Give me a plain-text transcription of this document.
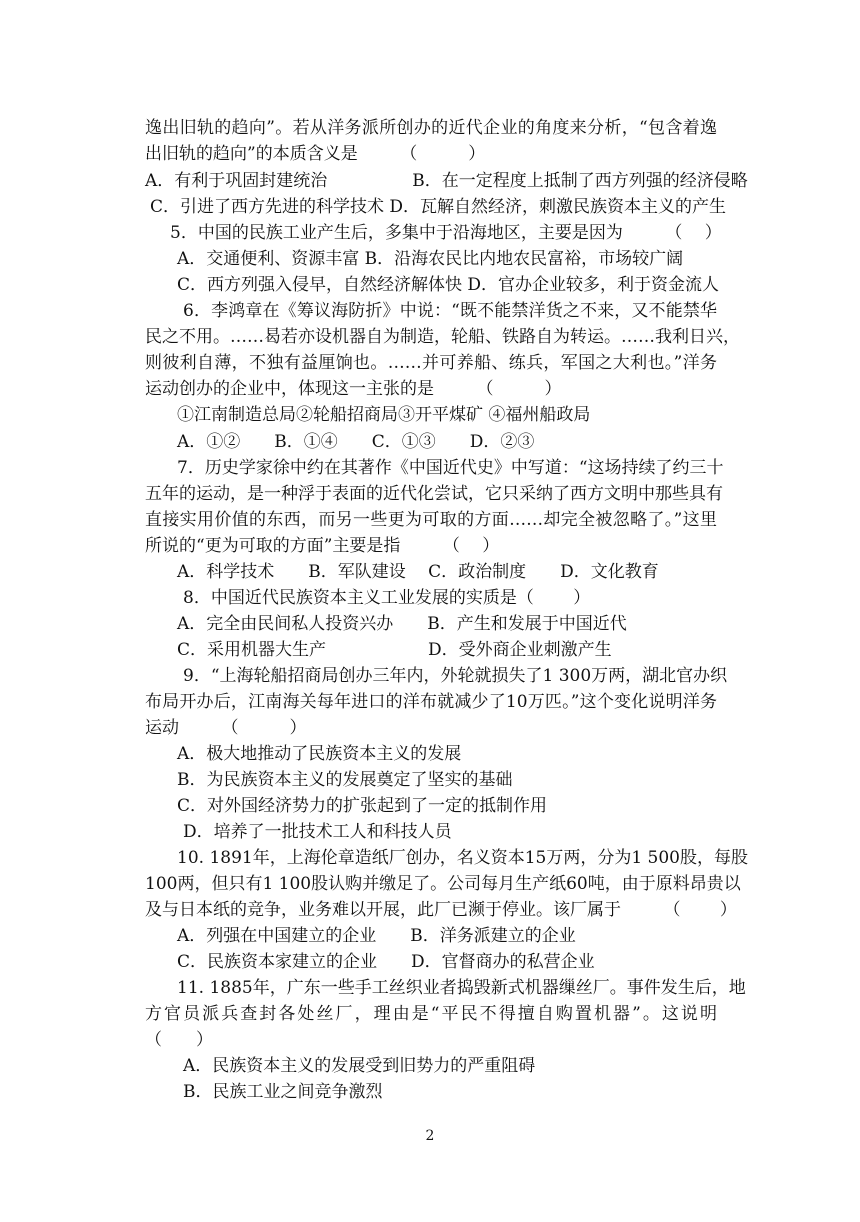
逸出旧轨的趋向”。若从洋务派所创办的近代企业的角度来分析，“包含着逸
出旧轨的趋向”的本质含义是　　　（　　　）
A．有利于巩固封建统治　　　　　B．在一定程度上抵制了西方列强的经济侵略
C．引进了西方先进的科学技术 D．瓦解自然经济，刺激民族资本主义的产生
5．中国的民族工业产生后，多集中于沿海地区，主要是因为　　　（　 ）
A．交通便利、资源丰富 B．沿海农民比内地农民富裕，市场较广阔
C．西方列强入侵早，自然经济解体快 D．官办企业较多，利于资金流人
6．李鸿章在《筹议海防折》中说：“既不能禁洋货之不来，又不能禁华
民之不用。……曷若亦设机器自为制造，轮船、铁路自为转运。……我利日兴，
则彼利自薄，不独有益厘饷也。……并可养船、练兵，军国之大利也。”洋务
运动创办的企业中，体现这一主张的是　　　（　　　）
①江南制造总局②轮船招商局③开平煤矿 ④福州船政局
A．①②　　B．①④　　C．①③　　D．②③
7．历史学家徐中约在其著作《中国近代史》中写道：“这场持续了约三十
五年的运动，是一种浮于表面的近代化尝试，它只采纳了西方文明中那些具有
直接实用价值的东西，而另一些更为可取的方面……却完全被忽略了。”这里
所说的“更为可取的方面”主要是指　　　（　 ）
A．科学技术　　B．军队建设　 C．政治制度　　D．文化教育
8．中国近代民族资本主义工业发展的实质是（　　 ）
A．完全由民间私人投资兴办　　B．产生和发展于中国近代
C．采用机器大生产　　　　　　D．受外商企业刺激产生
9．“上海轮船招商局创办三年内，外轮就损失了1 300万两，湖北官办织
布局开办后，江南海关每年进口的洋布就减少了10万匹。”这个变化说明洋务
运动　　　（　　　）
A．极大地推动了民族资本主义的发展
B．为民族资本主义的发展奠定了坚实的基础
C．对外国经济势力的扩张起到了一定的抵制作用
D．培养了一批技术工人和科技人员
10. 1891年，上海伦章造纸厂创办，名义资本15万两，分为1 500股，每股
100两，但只有1 100股认购并缴足了。公司每月生产纸60吨，由于原料昂贵以
及与日本纸的竞争，业务难以开展，此厂已濒于停业。该厂属于　　　（　　 ）
A．列强在中国建立的企业　　B．洋务派建立的企业
C．民族资本家建立的企业　　D．官督商办的私营企业
11. 1885年，广东一些手工丝织业者捣毁新式机器缫丝厂。事件发生后，地
方官员派兵查封各处丝厂，理由是“平民不得擅自购置机器”。这说明
（　　）
A．民族资本主义的发展受到旧势力的严重阻碍
B．民族工业之间竞争激烈
2
